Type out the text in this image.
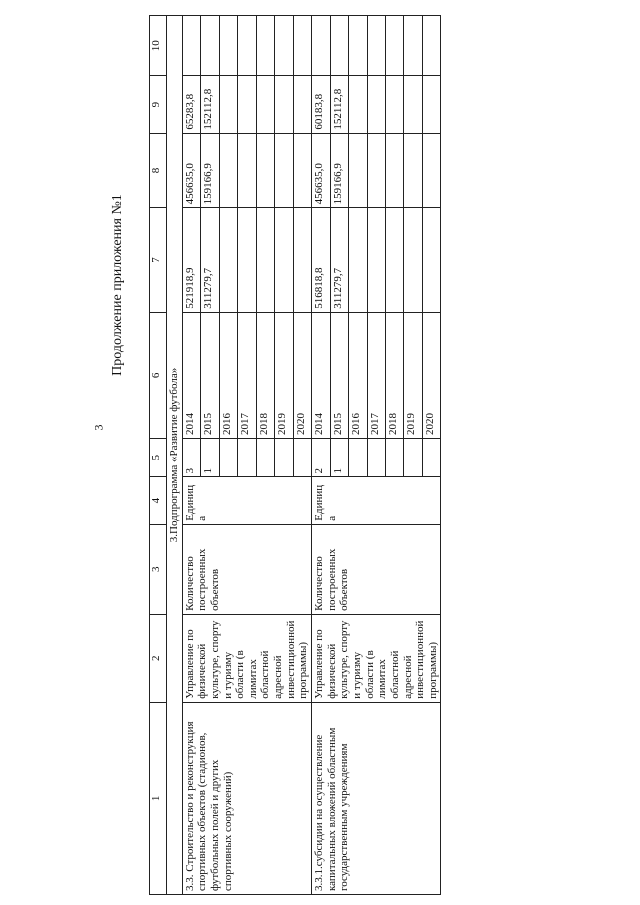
3
Продолжение приложения №1
1	2	3	4	5	6	7	8	9	10
3.Подпрограмма «Развитие футбола»									
3.3. Строительство и реконструкция спортивных объектов (стадионов, футбольных полей и других спортивных сооружений)	Управление по физической культуре, спорту и туризму области (в лимитах областной адресной инвестиционной программы)	Количество построенных объектов	Единица	3	2014	521918,9	456635,0	65283,8	
				1	2015	311279,7	159166,9	152112,8	
					2016				
					2017				
					2018				
					2019				
					2020				
3.3.1.субсидии на осуществление капитальных вложений областным государственным учреждениям	Управление по физической культуре, спорту и туризму области (в лимитах областной адресной инвестиционной программы)	Количество построенных объектов	Единица	2	2014	516818,8	456635,0	60183,8	
				1	2015	311279,7	159166,9	152112,8	
					2016				
					2017				
					2018				
					2019				
					2020				
